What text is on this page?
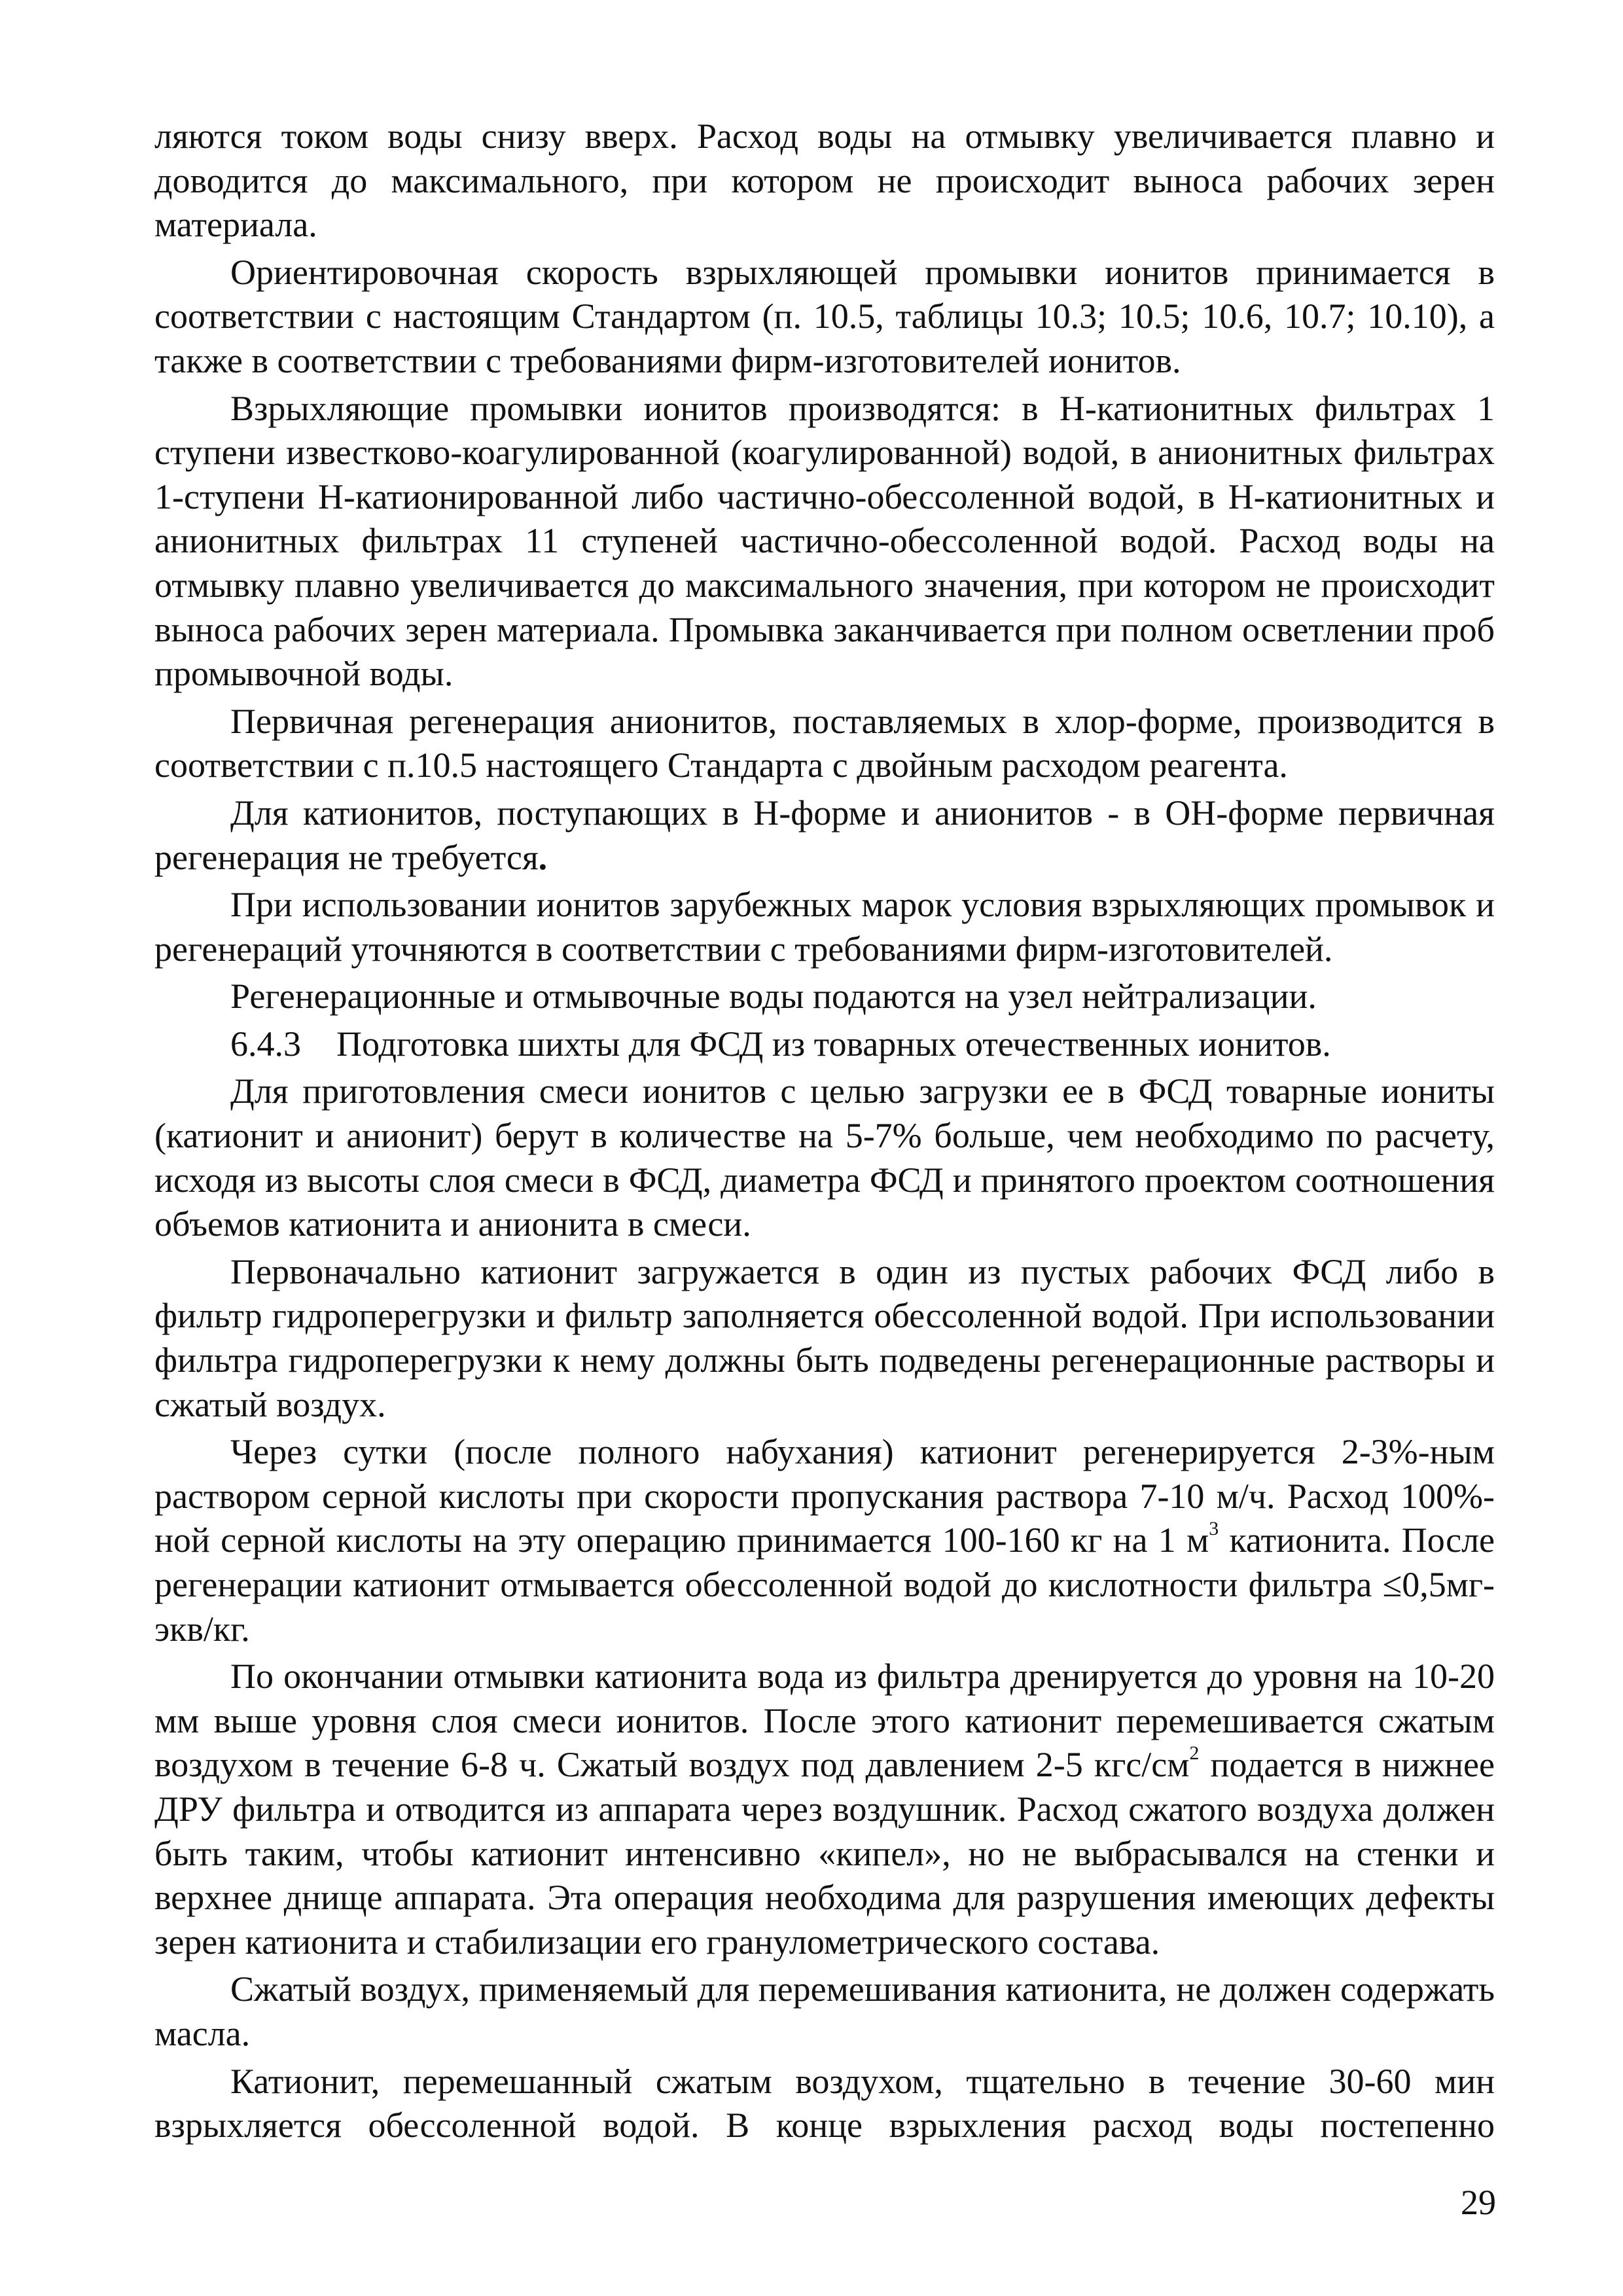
ляются током воды снизу вверх. Расход воды на отмывку увеличивается плавно и доводится до максимального, при котором не происходит выноса рабочих зерен материала.

Ориентировочная скорость взрыхляющей промывки ионитов принимается в соответствии с настоящим Стандартом (п. 10.5, таблицы 10.3; 10.5; 10.6, 10.7; 10.10), а также в соответствии с требованиями фирм-изготовителей ионитов.

Взрыхляющие промывки ионитов производятся: в Н-катионитных фильтрах 1 ступени известково-коагулированной (коагулированной) водой, в анионитных фильтрах 1-ступени Н-катионированной либо частично-обессоленной водой, в Н-катионитных и анионитных фильтрах 11 ступеней частично-обессоленной водой. Расход воды на отмывку плавно увеличивается до максимального значения, при котором не происходит выноса рабочих зерен материала. Промывка заканчивается при полном осветлении проб промывочной воды.

Первичная регенерация анионитов, поставляемых в хлор-форме, производится в соответствии с п.10.5 настоящего Стандарта с двойным расходом реагента.

Для катионитов, поступающих в Н-форме и анионитов - в ОН-форме первичная регенерация не требуется.

При использовании ионитов зарубежных марок условия взрыхляющих промывок и регенераций уточняются в соответствии с требованиями фирм-изготовителей.

Регенерационные и отмывочные воды подаются на узел нейтрализации.

6.4.3    Подготовка шихты для ФСД из товарных отечественных ионитов.

Для приготовления смеси ионитов с целью загрузки ее в ФСД товарные иониты (катионит и анионит) берут в количестве на 5-7% больше, чем необходимо по расчету, исходя из высоты слоя смеси в ФСД, диаметра ФСД и принятого проектом соотношения объемов катионита и анионита в смеси.

Первоначально катионит загружается в один из пустых рабочих ФСД либо в фильтр гидроперегрузки и фильтр заполняется обессоленной водой. При использовании фильтра гидроперегрузки к нему должны быть подведены регенерационные растворы и сжатый воздух.

Через сутки (после полного набухания) катионит регенерируется 2-3%-ным раствором серной кислоты при скорости пропускания раствора 7-10 м/ч. Расход 100%-ной серной кислоты на эту операцию принимается 100-160 кг на 1 $м^3$ катионита. После регенерации катионит отмывается обессоленной водой до кислотности фильтра ≤0,5мг-экв/кг.

По окончании отмывки катионита вода из фильтра дренируется до уровня на 10-20 мм выше уровня слоя смеси ионитов. После этого катионит перемешивается сжатым воздухом в течение 6-8 ч. Сжатый воздух под давлением 2-5 кгс/$см^2$ подается в нижнее ДРУ фильтра и отводится из аппарата через воздушник. Расход сжатого воздуха должен быть таким, чтобы катионит интенсивно «кипел», но не выбрасывался на стенки и верхнее днище аппарата. Эта операция необходима для разрушения имеющих дефекты зерен катионита и стабилизации его гранулометрического состава.

Сжатый воздух, применяемый для перемешивания катионита, не должен содержать масла.

Катионит, перемешанный сжатым воздухом, тщательно в течение 30-60 мин взрыхляется обессоленной водой. В конце взрыхления расход воды постепенно

29
